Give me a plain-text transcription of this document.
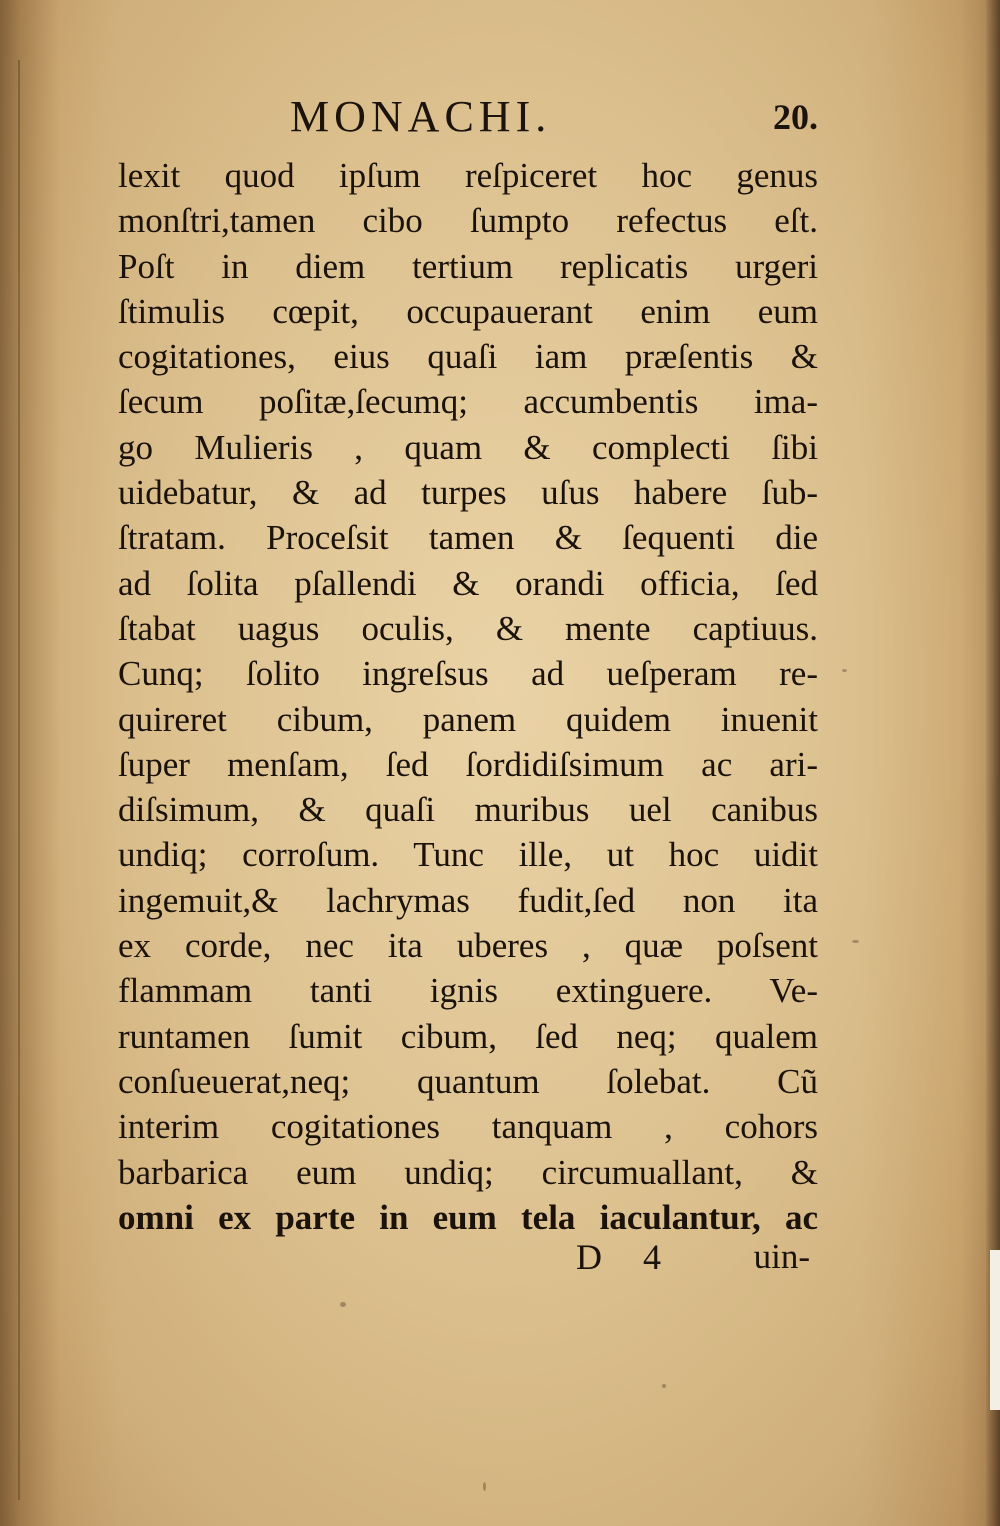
MONACHI.	20.
lexit quod ipſum reſpiceret hoc genus
monſtri,tamen cibo ſumpto refectus eſt.
Poſt in diem tertium replicatis urgeri
ſtimulis cœpit, occupauerant enim eum
cogitationes, eius quaſi iam præſentis &
ſecum poſitæ,ſecumq; accumbentis ima-
go Mulieris , quam & complecti ſibi
uidebatur, & ad turpes uſus habere ſub-
ſtratam. Proceſsit tamen & ſequenti die
ad ſolita pſallendi & orandi officia, ſed
ſtabat uagus oculis, & mente captiuus.
Cunq; ſolito ingreſsus ad ueſperam re-
quireret cibum, panem quidem inuenit
ſuper menſam, ſed ſordidiſsimum ac ari-
diſsimum, & quaſi muribus uel canibus
undiq; corroſum. Tunc ille, ut hoc uidit
ingemuit,& lachrymas fudit,ſed non ita
ex corde, nec ita uberes , quæ poſsent
flammam tanti ignis extinguere. Ve-
runtamen ſumit cibum, ſed neq; qualem
conſueuerat,neq; quantum ſolebat. Cũ
interim cogitationes tanquam , cohors
barbarica eum undiq; circumuallant, &
omni ex parte in eum tela iaculantur, ac
D 4 uin-
